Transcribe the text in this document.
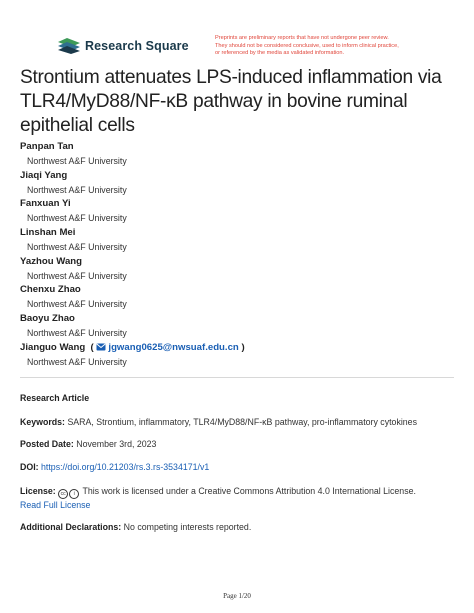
Research Square
Preprints are preliminary reports that have not undergone peer review.
They should not be considered conclusive, used to inform clinical practice,
or referenced by the media as validated information.
Strontium attenuates LPS-induced inflammation via
TLR4/MyD88/NF-κB pathway in bovine ruminal
epithelial cells
Panpan Tan
Northwest A&F University
Jiaqi Yang
Northwest A&F University
Fanxuan Yi
Northwest A&F University
Linshan Mei
Northwest A&F University
Yazhou Wang
Northwest A&F University
Chenxu Zhao
Northwest A&F University
Baoyu Zhao
Northwest A&F University
Jianguo Wang  ( jgwang0625@nwsuaf.edu.cn )
Northwest A&F University
Research Article
Keywords: SARA, Strontium, inflammatory, TLR4/MyD88/NF-κB pathway, pro-inflammatory cytokines
Posted Date: November 3rd, 2023
DOI: https://doi.org/10.21203/rs.3.rs-3534171/v1
License: cc i This work is licensed under a Creative Commons Attribution 4.0 International License.
Read Full License
Additional Declarations: No competing interests reported.
Page 1/20
